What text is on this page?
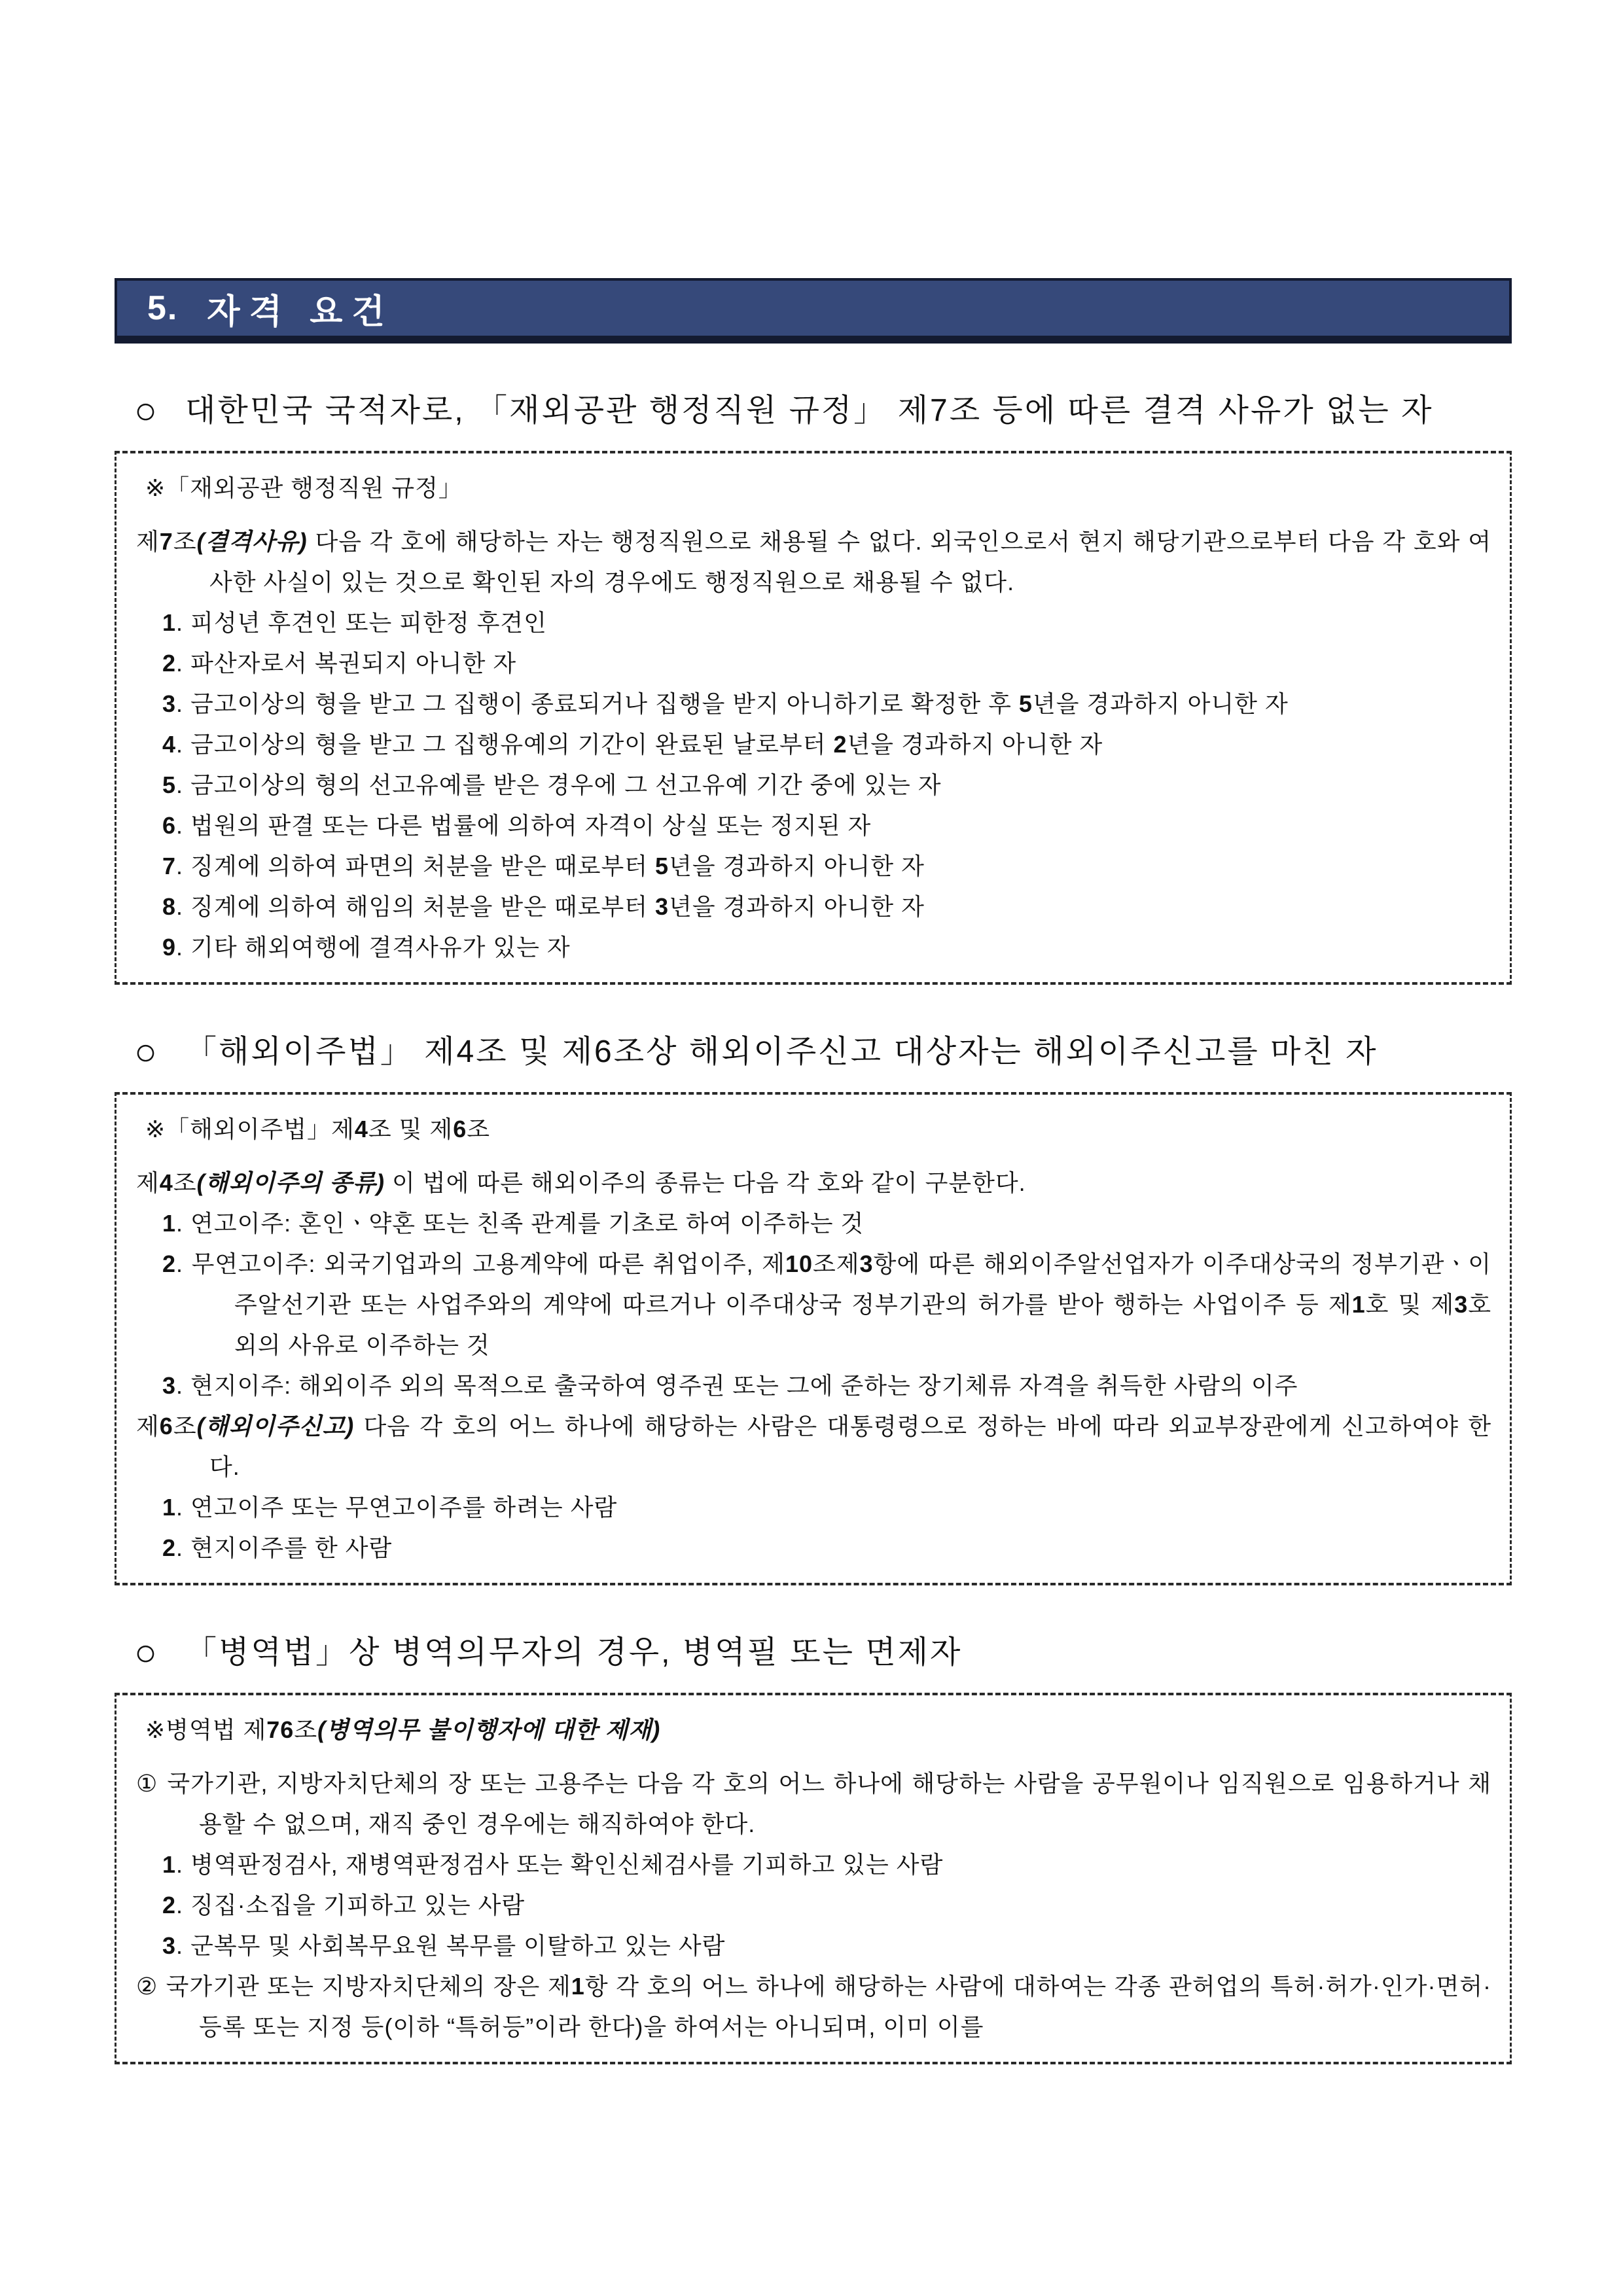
5. 자격 요건
○ 대한민국 국적자로, 「재외공관 행정직원 규정」 제7조 등에 따른 결격 사유가 없는 자
※「재외공관 행정직원 규정」

제7조(결격사유) 다음 각 호에 해당하는 자는 행정직원으로 채용될 수 없다. 외국인으로서 현지 해당기관으로부터 다음 각 호와 여사한 사실이 있는 것으로 확인된 자의 경우에도 행정직원으로 채용될 수 없다.

1. 피성년 후견인 또는 피한정 후견인

2. 파산자로서 복권되지 아니한 자

3. 금고이상의 형을 받고 그 집행이 종료되거나 집행을 받지 아니하기로 확정한 후 5년을 경과하지 아니한 자

4. 금고이상의 형을 받고 그 집행유예의 기간이 완료된 날로부터 2년을 경과하지 아니한 자

5. 금고이상의 형의 선고유예를 받은 경우에 그 선고유예 기간 중에 있는 자

6. 법원의 판결 또는 다른 법률에 의하여 자격이 상실 또는 정지된 자

7. 징계에 의하여 파면의 처분을 받은 때로부터 5년을 경과하지 아니한 자

8. 징계에 의하여 해임의 처분을 받은 때로부터 3년을 경과하지 아니한 자

9. 기타 해외여행에 결격사유가 있는 자

○ 「해외이주법」 제4조 및 제6조상 해외이주신고 대상자는 해외이주신고를 마친 자
※「해외이주법」제4조 및 제6조

제4조(해외이주의 종류) 이 법에 따른 해외이주의 종류는 다음 각 호와 같이 구분한다.

1. 연고이주: 혼인ㆍ약혼 또는 친족 관계를 기초로 하여 이주하는 것

2. 무연고이주: 외국기업과의 고용계약에 따른 취업이주, 제10조제3항에 따른 해외이주알선업자가 이주대상국의 정부기관ㆍ이주알선기관 또는 사업주와의 계약에 따르거나 이주대상국 정부기관의 허가를 받아 행하는 사업이주 등 제1호 및 제3호 외의 사유로 이주하는 것

3. 현지이주: 해외이주 외의 목적으로 출국하여 영주권 또는 그에 준하는 장기체류 자격을 취득한 사람의 이주

제6조(해외이주신고) 다음 각 호의 어느 하나에 해당하는 사람은 대통령령으로 정하는 바에 따라 외교부장관에게 신고하여야 한다.

1. 연고이주 또는 무연고이주를 하려는 사람

2. 현지이주를 한 사람

○ 「병역법」상 병역의무자의 경우, 병역필 또는 면제자
※병역법 제76조(병역의무 불이행자에 대한 제재)

① 국가기관, 지방자치단체의 장 또는 고용주는 다음 각 호의 어느 하나에 해당하는 사람을 공무원이나 임직원으로 임용하거나 채용할 수 없으며, 재직 중인 경우에는 해직하여야 한다.

1. 병역판정검사, 재병역판정검사 또는 확인신체검사를 기피하고 있는 사람

2. 징집·소집을 기피하고 있는 사람

3. 군복무 및 사회복무요원 복무를 이탈하고 있는 사람

② 국가기관 또는 지방자치단체의 장은 제1항 각 호의 어느 하나에 해당하는 사람에 대하여는 각종 관허업의 특허·허가·인가·면허·등록 또는 지정 등(이하 “특허등”이라 한다)을 하여서는 아니되며, 이미 이를
